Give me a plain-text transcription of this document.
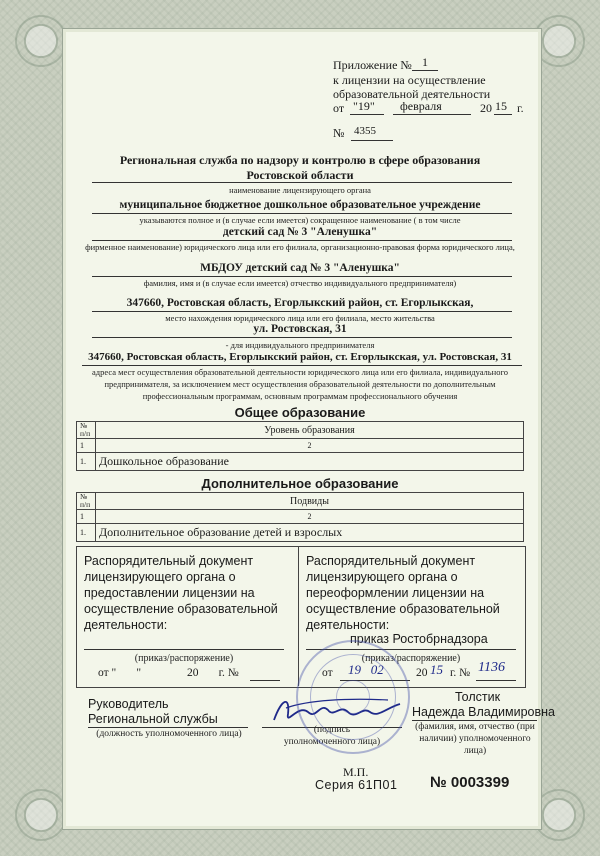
Приложение № 1
к лицензии на осуществление
образовательной деятельности
от "19" февраля	20 15 г.
№ 4355
Региональная служба по надзору и контролю в сфере образования
Ростовской области
наименование лицензирующего органа
муниципальное бюджетное дошкольное образовательное учреждение
указываются полное и (в случае если имеется) сокращенное наименование ( в том числе
детский сад № 3 "Аленушка"
фирменное наименование) юридического лица или его филиала, организационно-правовая форма юридического лица,
МБДОУ детский сад № 3 "Аленушка"
фамилия, имя и (в случае если имеется) отчество индивидуального предпринимателя)
347660, Ростовская область, Егорлыкский район, ст. Егорлыкская,
место нахождения юридического лица или его филиала, место жительства
ул. Ростовская, 31
- для индивидуального предпринимателя
347660, Ростовская область, Егорлыкский район, ст. Егорлыкская, ул. Ростовская, 31
адреса мест осуществления образовательной деятельности юридического лица или его филиала, индивидуального
предпринимателя, за исключением мест осуществления образовательной деятельности по дополнительным
профессиональным программам, основным программам профессионального обучения
Общее образование
№ п/п	Уровень образования
1	2
1.	Дошкольное образование
Дополнительное образование
№ п/п	Подвиды
1	2
1.	Дополнительное образование детей и взрослых
Распорядительный документ
лицензирующего органа о
предоставлении лицензии на
осуществление образовательной
деятельности:
(приказ/распоряжение)
от "       "                20       г. №
Распорядительный документ
лицензирующего органа о
переоформлении лицензии на
осуществление образовательной
деятельности:
приказ Ростобрнадзора
(приказ/распоряжение)
от 19   02	20 15 г. № 1136
Руководитель
Региональной службы
(должность уполномоченного лица)	(подпись
уполномоченного лица)
Толстик
Надежда Владимировна
(фамилия, имя, отчество (при
наличии) уполномоченного
лица)
М.П.
Серия 61П01 № 0003399
